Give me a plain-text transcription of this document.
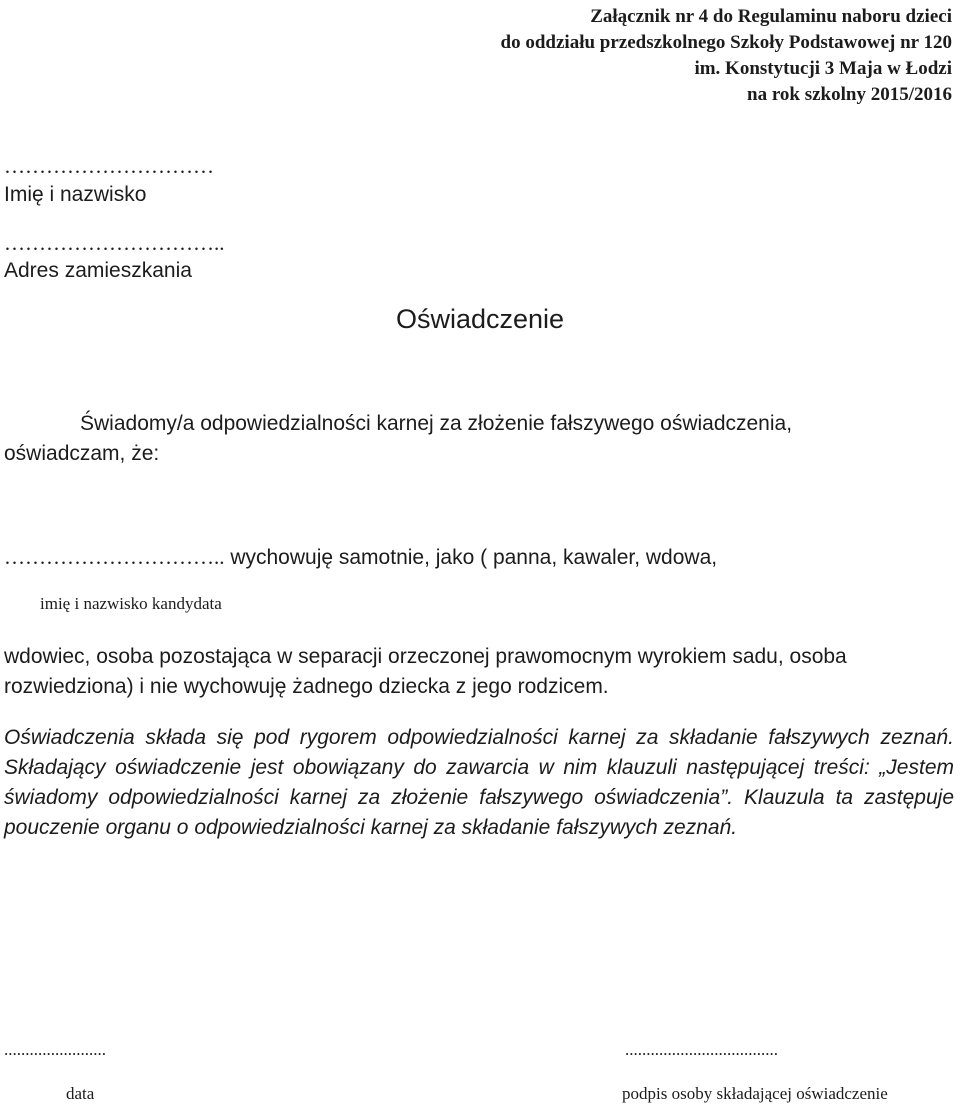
Załącznik nr 4 do Regulaminu naboru dzieci
do oddziału przedszkolnego Szkoły Podstawowej nr 120
im. Konstytucji 3 Maja w Łodzi
na rok szkolny 2015/2016
…………………………
Imię i nazwisko
…………………………..
Adres zamieszkania
Oświadczenie
Świadomy/a odpowiedzialności karnej za złożenie fałszywego oświadczenia,
oświadczam, że:
………………………….. wychowuję samotnie, jako ( panna, kawaler, wdowa,
imię i nazwisko kandydata
wdowiec, osoba pozostająca w separacji orzeczonej prawomocnym wyrokiem sadu, osoba rozwiedziona) i nie wychowuję żadnego dziecka z jego rodzicem.
Oświadczenia składa się pod rygorem odpowiedzialności karnej za składanie fałszywych zeznań. Składający oświadczenie jest obowiązany do zawarcia w nim klauzuli następującej treści: „Jestem świadomy odpowiedzialności karnej za złożenie fałszywego oświadczenia”. Klauzula ta zastępuje pouczenie organu o odpowiedzialności karnej za składanie fałszywych zeznań.
........................
data
....................................
podpis osoby składającej oświadczenie
